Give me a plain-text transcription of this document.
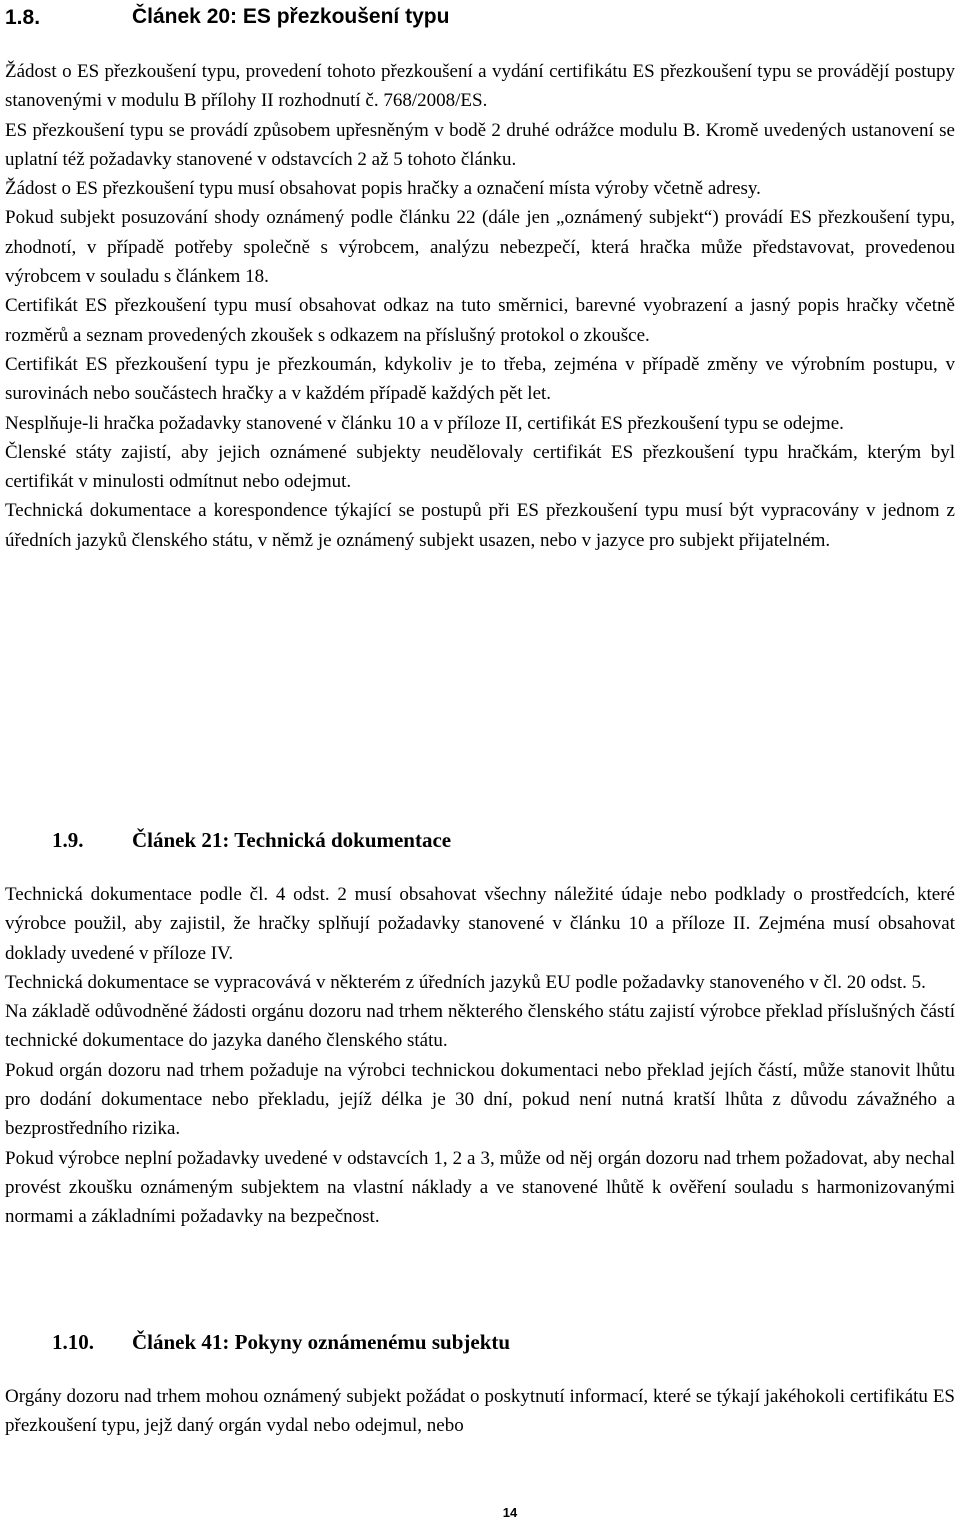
1.8.	Článek 20: ES přezkoušení typu

Žádost o ES přezkoušení typu, provedení tohoto přezkoušení a vydání certifikátu ES přezkoušení typu se provádějí postupy stanovenými v modulu B přílohy II rozhodnutí č. 768/2008/ES.

ES přezkoušení typu se provádí způsobem upřesněným v bodě 2 druhé odrážce modulu B. Kromě uvedených ustanovení se uplatní též požadavky stanovené v odstavcích 2 až 5 tohoto článku.

Žádost o ES přezkoušení typu musí obsahovat popis hračky a označení místa výroby včetně adresy.

Pokud subjekt posuzování shody oznámený podle článku 22 (dále jen „oznámený subjekt“) provádí ES přezkoušení typu, zhodnotí, v případě potřeby společně s výrobcem, analýzu nebezpečí, která hračka může představovat, provedenou výrobcem v souladu s článkem 18.

Certifikát ES přezkoušení typu musí obsahovat odkaz na tuto směrnici, barevné vyobrazení a jasný popis hračky včetně rozměrů a seznam provedených zkoušek s odkazem na příslušný protokol o zkoušce.

Certifikát ES přezkoušení typu je přezkoumán, kdykoliv je to třeba, zejména v případě změny ve výrobním postupu, v surovinách nebo součástech hračky a v každém případě každých pět let.

Nesplňuje-li hračka požadavky stanovené v článku 10 a v příloze II, certifikát ES přezkoušení typu se odejme.

Členské státy zajistí, aby jejich oznámené subjekty neudělovaly certifikát ES přezkoušení typu hračkám, kterým byl certifikát v minulosti odmítnut nebo odejmut.

Technická dokumentace a korespondence týkající se postupů při ES přezkoušení typu musí být vypracovány v jednom z úředních jazyků členského státu, v němž je oznámený subjekt usazen, nebo v jazyce pro subjekt přijatelném.

1.9. Článek 21: Technická dokumentace

Technická dokumentace podle čl. 4 odst. 2 musí obsahovat všechny náležité údaje nebo podklady o prostředcích, které výrobce použil, aby zajistil, že hračky splňují požadavky stanovené v článku 10 a příloze II. Zejména musí obsahovat doklady uvedené v příloze IV.

Technická dokumentace se vypracovává v některém z úředních jazyků EU podle požadavky stanoveného v čl. 20 odst. 5.

Na základě odůvodněné žádosti orgánu dozoru nad trhem některého členského státu zajistí výrobce překlad příslušných částí technické dokumentace do jazyka daného členského státu.

Pokud orgán dozoru nad trhem požaduje na výrobci technickou dokumentaci nebo překlad jejích částí, může stanovit lhůtu pro dodání dokumentace nebo překladu, jejíž délka je 30 dní, pokud není nutná kratší lhůta z důvodu závažného a bezprostředního rizika.

Pokud výrobce neplní požadavky uvedené v odstavcích 1, 2 a 3, může od něj orgán dozoru nad trhem požadovat, aby nechal provést zkoušku oznámeným subjektem na vlastní náklady a ve stanovené lhůtě k ověření souladu s harmonizovanými normami a základními požadavky na bezpečnost.

1.10. Článek 41: Pokyny oznámenému subjektu

Orgány dozoru nad trhem mohou oznámený subjekt požádat o poskytnutí informací, které se týkají jakéhokoli certifikátu ES přezkoušení typu, jejž daný orgán vydal nebo odejmul, nebo

14
